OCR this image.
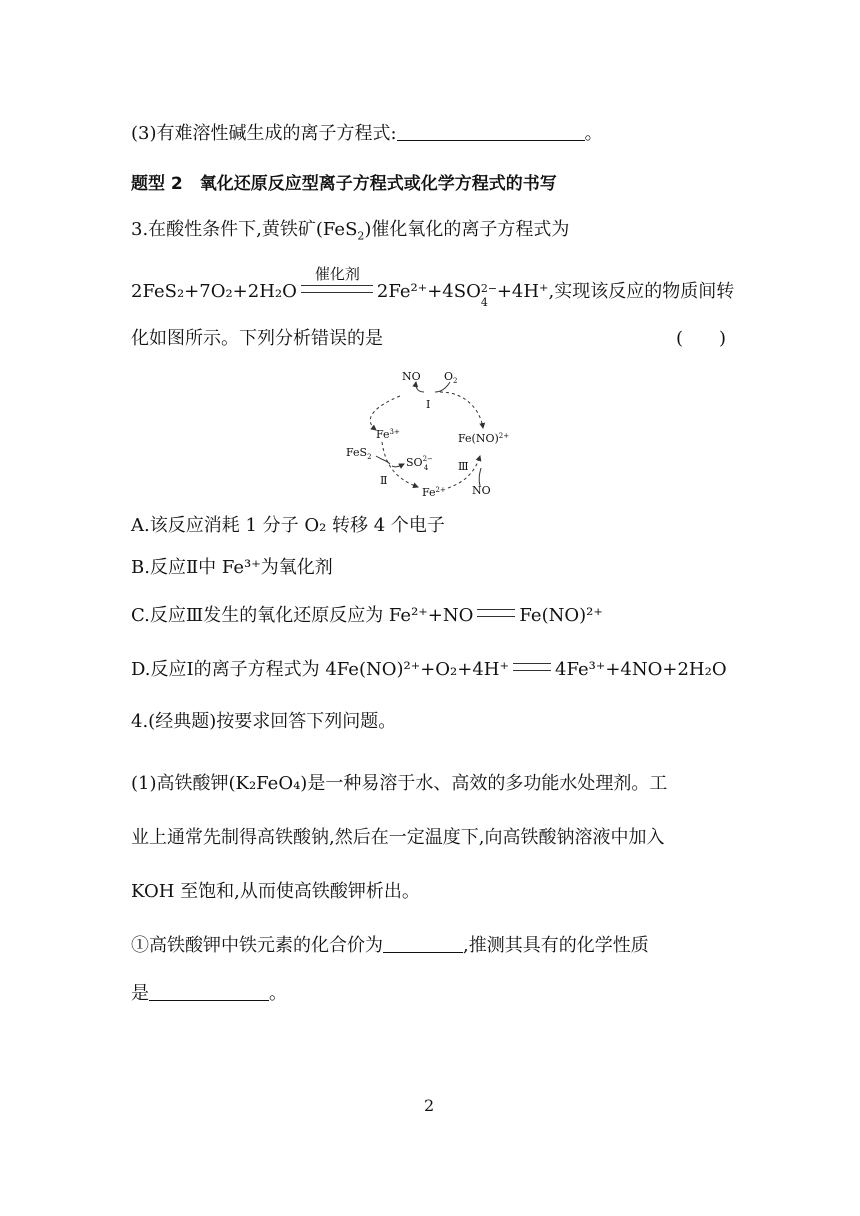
(3)有难溶性碱生成的离子方程式:	。
题型 2　氧化还原反应型离子方程式或化学方程式的书写
3.在酸性条件下,黄铁矿(FeS$_2$)催化氧化的离子方程式为
2FeS₂+7O₂+2H₂O
催化剂
2Fe²⁺+4SO 2−
4
+4H⁺,实现该反应的物质间转
化如图所示。下列分析错误的是	(　　)
NO $O_2$
Ⅰ
$Fe^{3+}$	Fe(NO)$^{2+}$
FeS$_2$	$SO^{2-}$ 4	Ⅲ
Ⅱ
$Fe^{2+}$ NO
A.该反应消耗 1 分子 O₂ 转移 4 个电子
B.反应Ⅱ中 Fe³⁺为氧化剂
C.反应Ⅲ发生的氧化还原反应为 Fe²⁺+NO	Fe(NO)²⁺
D.反应Ⅰ的离子方程式为 4Fe(NO)²⁺+O₂+4H⁺	4Fe³⁺+4NO+2H₂O
4.(经典题)按要求回答下列问题。
(1)高铁酸钾(K₂FeO₄)是一种易溶于水、高效的多功能水处理剂。工
业上通常先制得高铁酸钠,然后在一定温度下,向高铁酸钠溶液中加入
KOH 至饱和,从而使高铁酸钾析出。
①高铁酸钾中铁元素的化合价为	,推测其具有的化学性质
是	。
2
